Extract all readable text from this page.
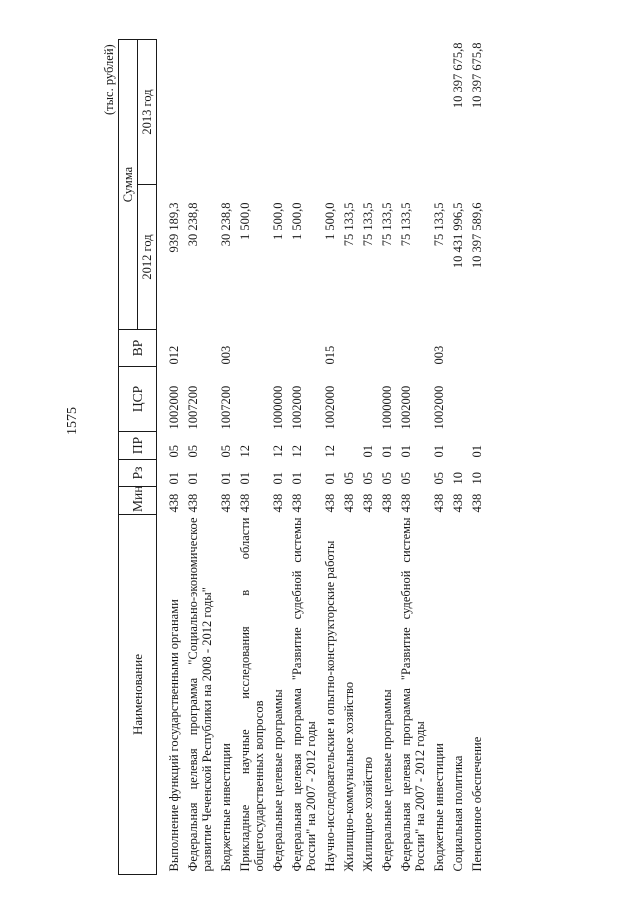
1575
(тыс. рублей)
Наименование	Мин	Рз	ПР	ЦСР	ВР	Сумма	
						2012 год	2013 год
Выполнение функций государственными органами	438	01	05	1002000	012	939 189,3	
Федеральная целевая программа "Социально-экономическое развитие Чеченской Республики на 2008 - 2012 годы"	438	01	05	1007200		30 238,8	
Бюджетные инвестиции	438	01	05	1007200	003	30 238,8	
Прикладные научные исследования в области общегосударственных вопросов	438	01	12			1 500,0	
Федеральные целевые программы	438	01	12	1000000		1 500,0	
Федеральная целевая программа "Развитие судебной системы России" на 2007 - 2012 годы	438	01	12	1002000		1 500,0	
Научно-исследовательские и опытно-конструкторские работы	438	01	12	1002000	015	1 500,0	
Жилищно-коммунальное хозяйство	438	05				75 133,5	
Жилищное хозяйство	438	05	01			75 133,5	
Федеральные целевые программы	438	05	01	1000000		75 133,5	
Федеральная целевая программа "Развитие судебной системы России" на 2007 - 2012 годы	438	05	01	1002000		75 133,5	
Бюджетные инвестиции	438	05	01	1002000	003	75 133,5	
Социальная политика	438	10				10 431 996,5	10 397 675,8
Пенсионное обеспечение	438	10	01			10 397 589,6	10 397 675,8
